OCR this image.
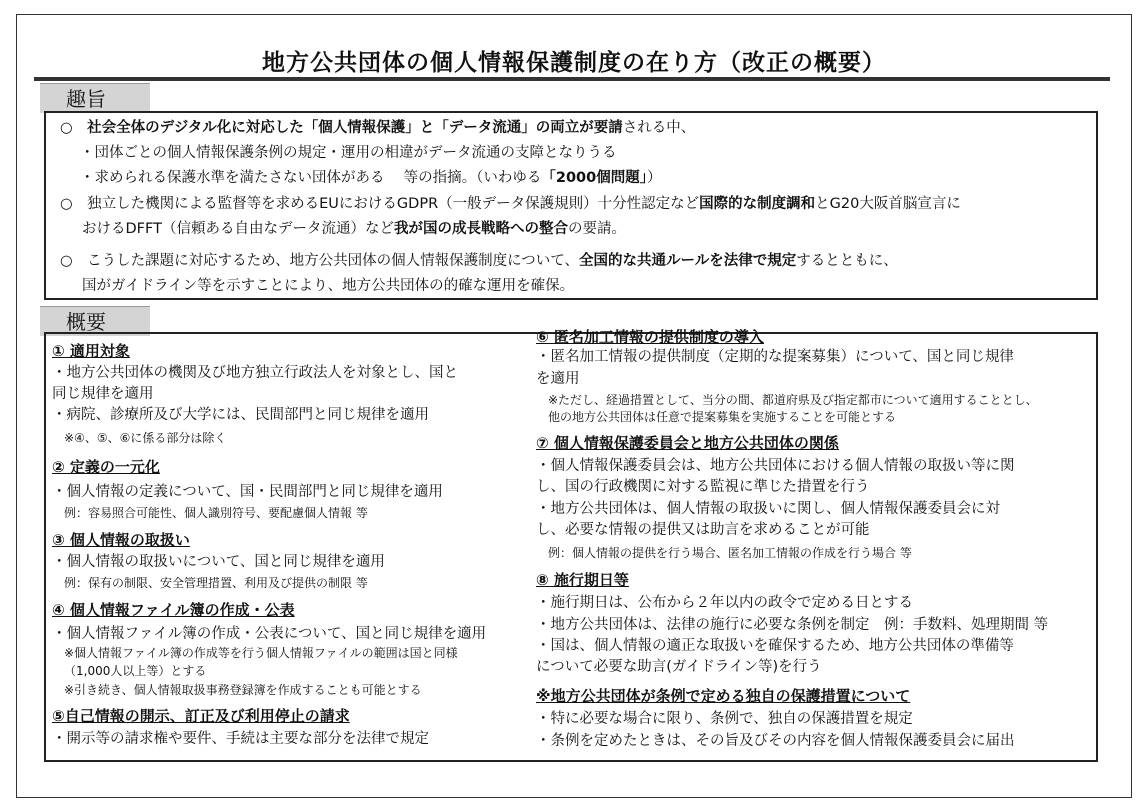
地方公共団体の個人情報保護制度の在り方（改正の概要）
趣旨
○　社会全体のデジタル化に対応した「個人情報保護」と「データ流通」の両立が要請される中、
・団体ごとの個人情報保護条例の規定・運用の相違がデータ流通の支障となりうる
・求められる保護水準を満たさない団体がある　 等の指摘。（いわゆる「2000個問題」）
○　独立した機関による監督等を求めるEUにおけるGDPR（一般データ保護規則）十分性認定など国際的な制度調和とG20大阪首脳宣言に
おけるDFFT（信頼ある自由なデータ流通）など我が国の成長戦略への整合の要請。
○　こうした課題に対応するため、地方公共団体の個人情報保護制度について、全国的な共通ルールを法律で規定するとともに、
国がガイドライン等を示すことにより、地方公共団体の的確な運用を確保。
概要
① 適用対象
・地方公共団体の機関及び地方独立行政法人を対象とし、国と
同じ規律を適用
・病院、診療所及び大学には、民間部門と同じ規律を適用
※④、⑤、⑥に係る部分は除く
② 定義の一元化
・個人情報の定義について、国・民間部門と同じ規律を適用
例：容易照合可能性、個人識別符号、要配慮個人情報 等
③ 個人情報の取扱い
・個人情報の取扱いについて、国と同じ規律を適用
例：保有の制限、安全管理措置、利用及び提供の制限 等
④ 個人情報ファイル簿の作成・公表
・個人情報ファイル簿の作成・公表について、国と同じ規律を適用
※個人情報ファイル簿の作成等を行う個人情報ファイルの範囲は国と同様
（1,000人以上等）とする
※引き続き、個人情報取扱事務登録簿を作成することも可能とする
⑤自己情報の開示、訂正及び利用停止の請求
・開示等の請求権や要件、手続は主要な部分を法律で規定
⑥ 匿名加工情報の提供制度の導入
・匿名加工情報の提供制度（定期的な提案募集）について、国と同じ規律
を適用
※ただし、経過措置として、当分の間、都道府県及び指定都市について適用することとし、
他の地方公共団体は任意で提案募集を実施することを可能とする
⑦ 個人情報保護委員会と地方公共団体の関係
・個人情報保護委員会は、地方公共団体における個人情報の取扱い等に関
し、国の行政機関に対する監視に準じた措置を行う
・地方公共団体は、個人情報の取扱いに関し、個人情報保護委員会に対
し、必要な情報の提供又は助言を求めることが可能
例：個人情報の提供を行う場合、匿名加工情報の作成を行う場合 等
⑧ 施行期日等
・施行期日は、公布から２年以内の政令で定める日とする
・地方公共団体は、法律の施行に必要な条例を制定　例：手数料、処理期間 等
・国は、個人情報の適正な取扱いを確保するため、地方公共団体の準備等
について必要な助言(ガイドライン等)を行う
※地方公共団体が条例で定める独自の保護措置について
・特に必要な場合に限り、条例で、独自の保護措置を規定
・条例を定めたときは、その旨及びその内容を個人情報保護委員会に届出
